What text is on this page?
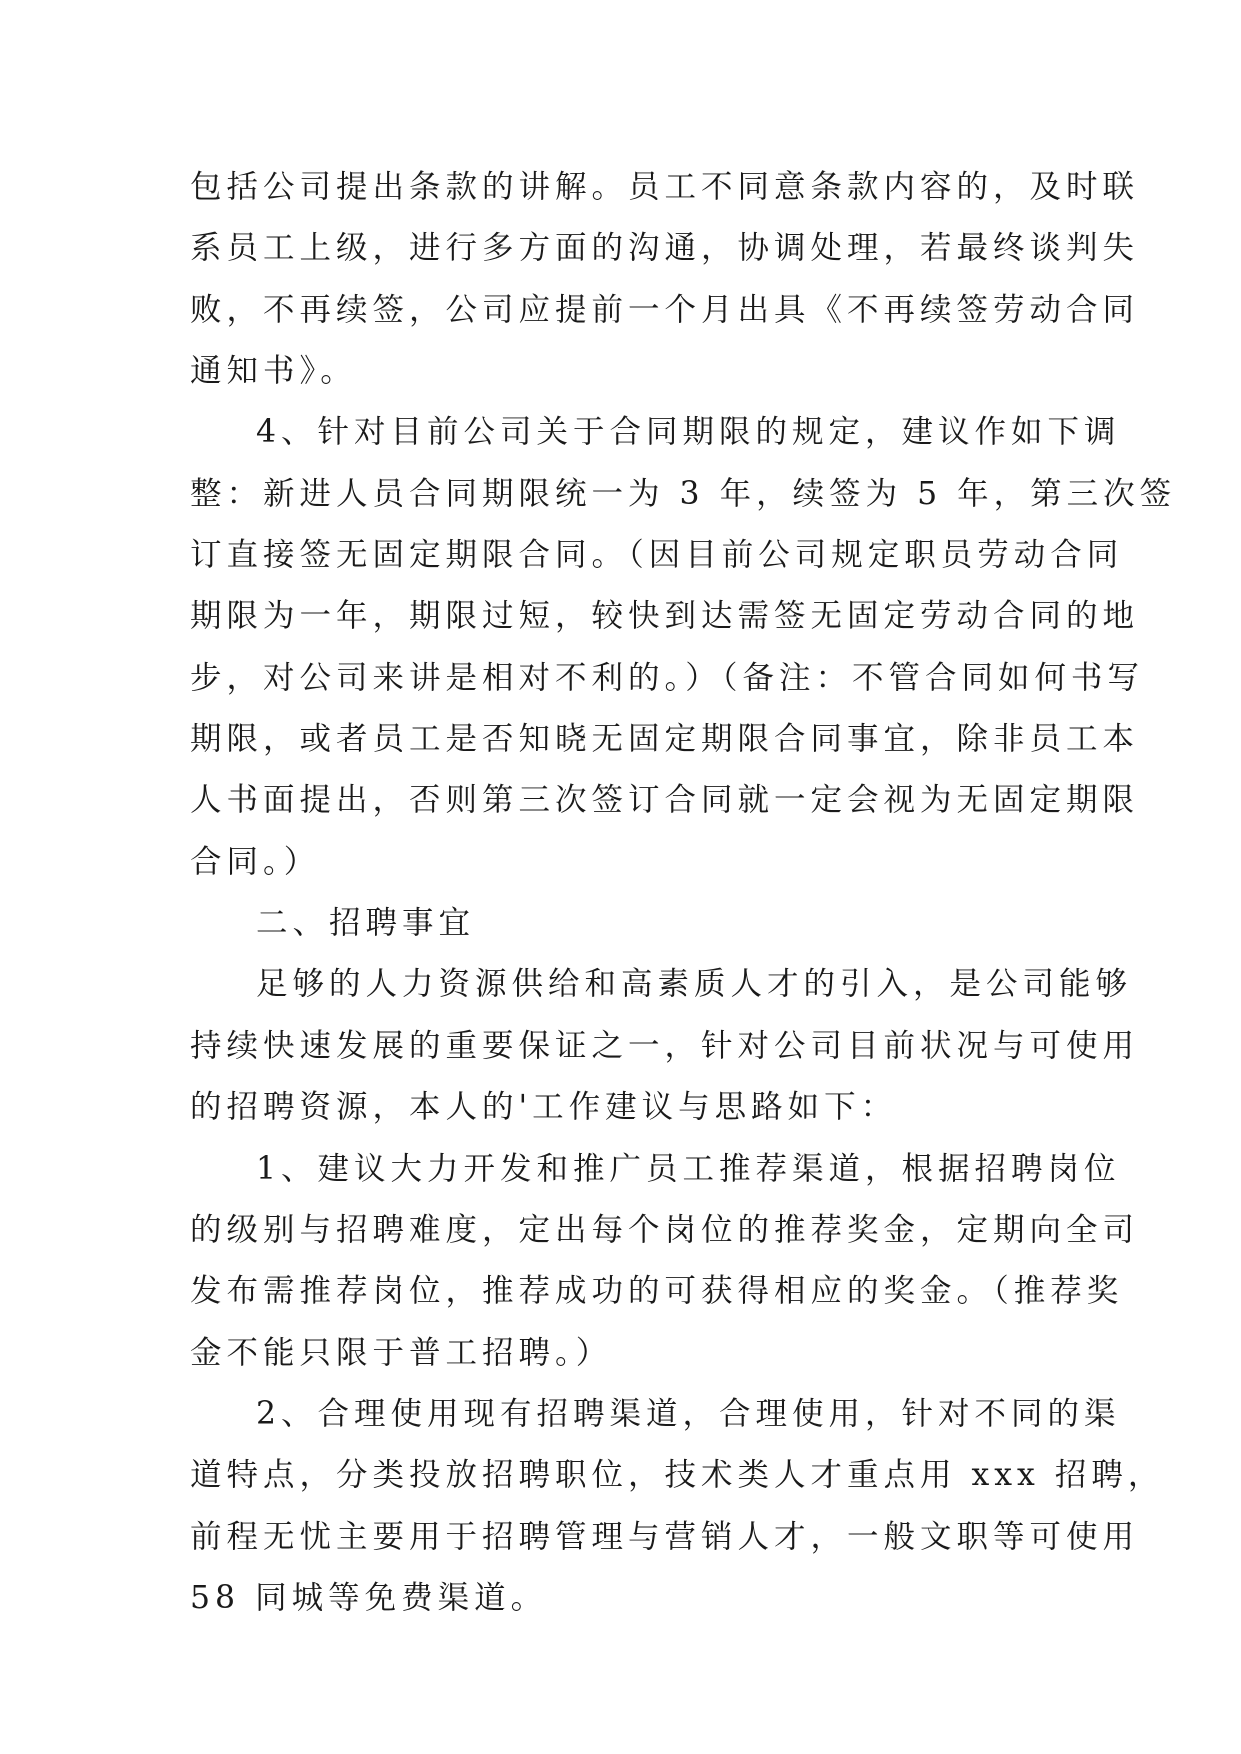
包括公司提出条款的讲解。员工不同意条款内容的，及时联
系员工上级，进行多方面的沟通，协调处理，若最终谈判失
败，不再续签，公司应提前一个月出具《不再续签劳动合同
通知书》。
4、针对目前公司关于合同期限的规定，建议作如下调
整：新进人员合同期限统一为 3 年，续签为 5 年，第三次签
订直接签无固定期限合同。（因目前公司规定职员劳动合同
期限为一年，期限过短，较快到达需签无固定劳动合同的地
步，对公司来讲是相对不利的。）（备注：不管合同如何书写
期限，或者员工是否知晓无固定期限合同事宜，除非员工本
人书面提出，否则第三次签订合同就一定会视为无固定期限
合同。）
二、招聘事宜
足够的人力资源供给和高素质人才的引入，是公司能够
持续快速发展的重要保证之一，针对公司目前状况与可使用
的招聘资源，本人的'工作建议与思路如下：
1、建议大力开发和推广员工推荐渠道，根据招聘岗位
的级别与招聘难度，定出每个岗位的推荐奖金，定期向全司
发布需推荐岗位，推荐成功的可获得相应的奖金。（推荐奖
金不能只限于普工招聘。）
2、合理使用现有招聘渠道，合理使用，针对不同的渠
道特点，分类投放招聘职位，技术类人才重点用 xxx 招聘，
前程无忧主要用于招聘管理与营销人才，一般文职等可使用
58 同城等免费渠道。
